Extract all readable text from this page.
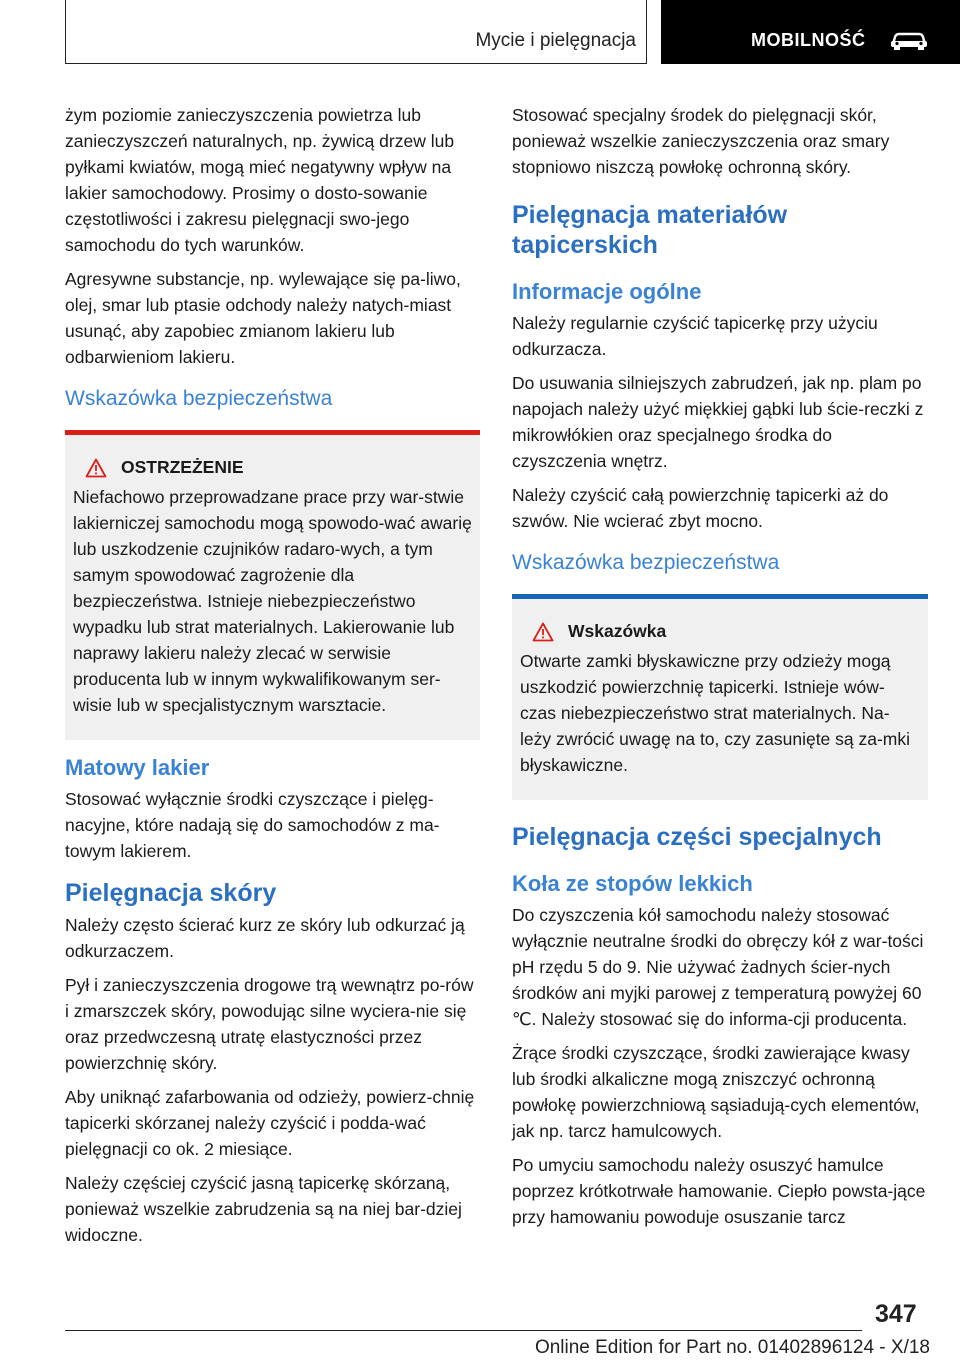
Mycie i pielęgnacja	MOBILNOŚĆ

żym poziomie zanieczyszczenia powietrza lub zanieczyszczeń naturalnych, np. żywicą drzew lub pyłkami kwiatów, mogą mieć negatywny wpływ na lakier samochodowy. Prosimy o dosto-sowanie częstotliwości i zakresu pielęgnacji swo-jego samochodu do tych warunków.

Agresywne substancje, np. wylewające się pa-liwo, olej, smar lub ptasie odchody należy natych-miast usunąć, aby zapobiec zmianom lakieru lub odbarwieniom lakieru.

Wskazówka bezpieczeństwa
OSTRZEŻENIE

Niefachowo przeprowadzane prace przy war-stwie lakierniczej samochodu mogą spowodo-wać awarię lub uszkodzenie czujników radaro-wych, a tym samym spowodować zagrożenie dla bezpieczeństwa. Istnieje niebezpieczeństwo wypadku lub strat materialnych. Lakierowanie lub naprawy lakieru należy zlecać w serwisie producenta lub w innym wykwalifikowanym ser-wisie lub w specjalistycznym warsztacie.

Matowy lakier

Stosować wyłącznie środki czyszczące i pielęg-nacyjne, które nadają się do samochodów z ma-towym lakierem.

Pielęgnacja skóry

Należy często ścierać kurz ze skóry lub odkurzać ją odkurzaczem.

Pył i zanieczyszczenia drogowe trą wewnątrz po-rów i zmarszczek skóry, powodując silne wyciera-nie się oraz przedwczesną utratę elastyczności przez powierzchnię skóry.

Aby uniknąć zafarbowania od odzieży, powierz-chnię tapicerki skórzanej należy czyścić i podda-wać pielęgnacji co ok. 2 miesiące.

Należy częściej czyścić jasną tapicerkę skórzaną, ponieważ wszelkie zabrudzenia są na niej bar-dziej widoczne.

Stosować specjalny środek do pielęgnacji skór, ponieważ wszelkie zanieczyszczenia oraz smary stopniowo niszczą powłokę ochronną skóry.

Pielęgnacja materiałów tapicerskich
Informacje ogólne

Należy regularnie czyścić tapicerkę przy użyciu odkurzacza.

Do usuwania silniejszych zabrudzeń, jak np. plam po napojach należy użyć miękkiej gąbki lub ście-reczki z mikrowłókien oraz specjalnego środka do czyszczenia wnętrz.

Należy czyścić całą powierzchnię tapicerki aż do szwów. Nie wcierać zbyt mocno.

Wskazówka bezpieczeństwa
Wskazówka

Otwarte zamki błyskawiczne przy odzieży mogą uszkodzić powierzchnię tapicerki. Istnieje wów-czas niebezpieczeństwo strat materialnych. Na-leży zwrócić uwagę na to, czy zasunięte są za-mki błyskawiczne.

Pielęgnacja części specjalnych
Koła ze stopów lekkich

Do czyszczenia kół samochodu należy stosować wyłącznie neutralne środki do obręczy kół z war-tości pH rzędu 5 do 9. Nie używać żadnych ścier-nych środków ani myjki parowej z temperaturą powyżej 60 ℃. Należy stosować się do informa-cji producenta.

Żrące środki czyszczące, środki zawierające kwasy lub środki alkaliczne mogą zniszczyć ochronną powłokę powierzchniową sąsiadują-cych elementów, jak np. tarcz hamulcowych.

Po umyciu samochodu należy osuszyć hamulce poprzez krótkotrwałe hamowanie. Ciepło powsta-jące przy hamowaniu powoduje osuszanie tarcz

347
Online Edition for Part no. 01402896124 - X/18
